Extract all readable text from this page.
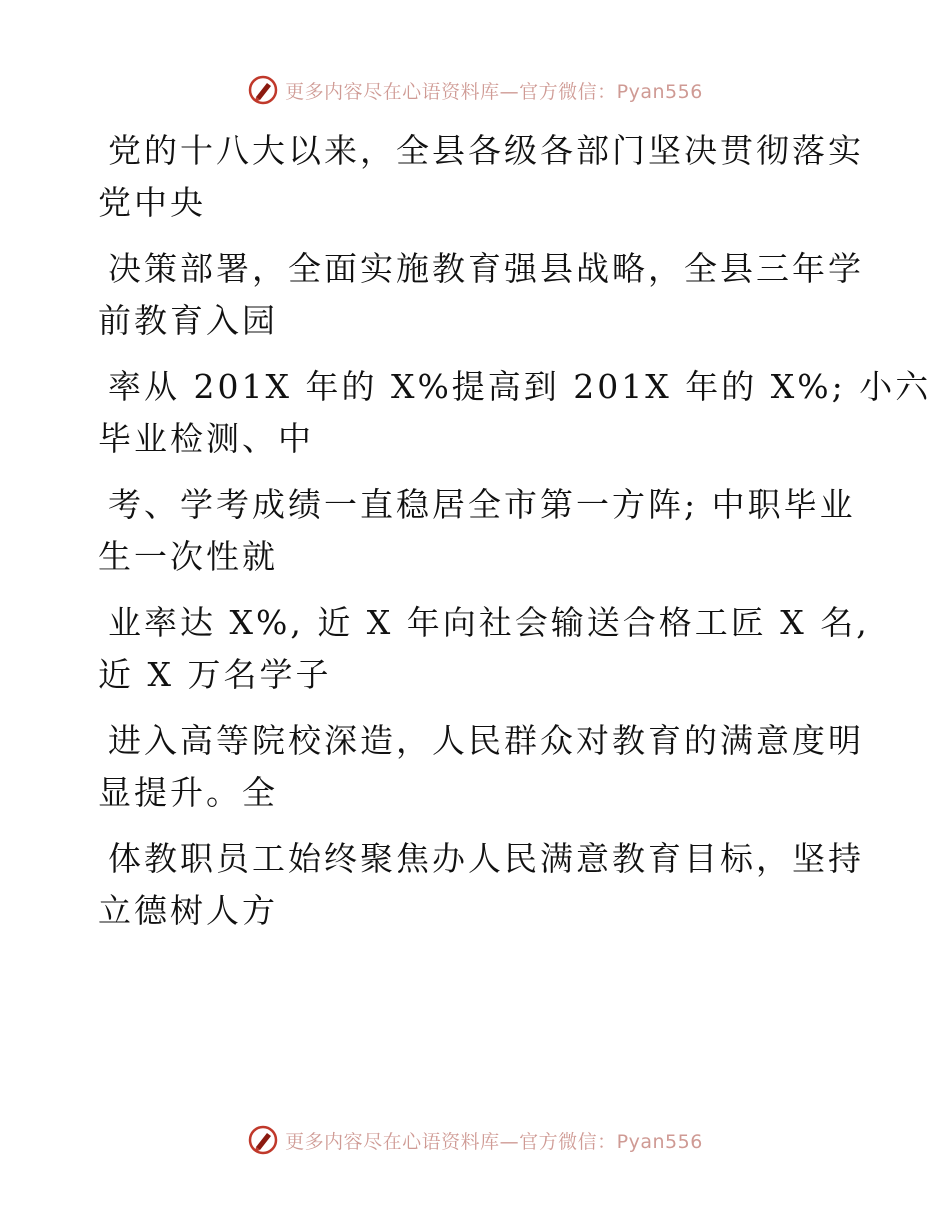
更多内容尽在心语资料库—官方微信：Pyan556
党的十八大以来，全县各级各部门坚决贯彻落实
党中央
决策部署，全面实施教育强县战略，全县三年学
前教育入园
率从 201X 年的 X%提高到 201X 年的 X%; 小六
毕业检测、中
考、学考成绩一直稳居全市第一方阵; 中职毕业
生一次性就
业率达 X%, 近 X 年向社会输送合格工匠 X 名,
近 X 万名学子
进入高等院校深造，人民群众对教育的满意度明
显提升。全
体教职员工始终聚焦办人民满意教育目标，坚持
立德树人方
更多内容尽在心语资料库—官方微信：Pyan556
